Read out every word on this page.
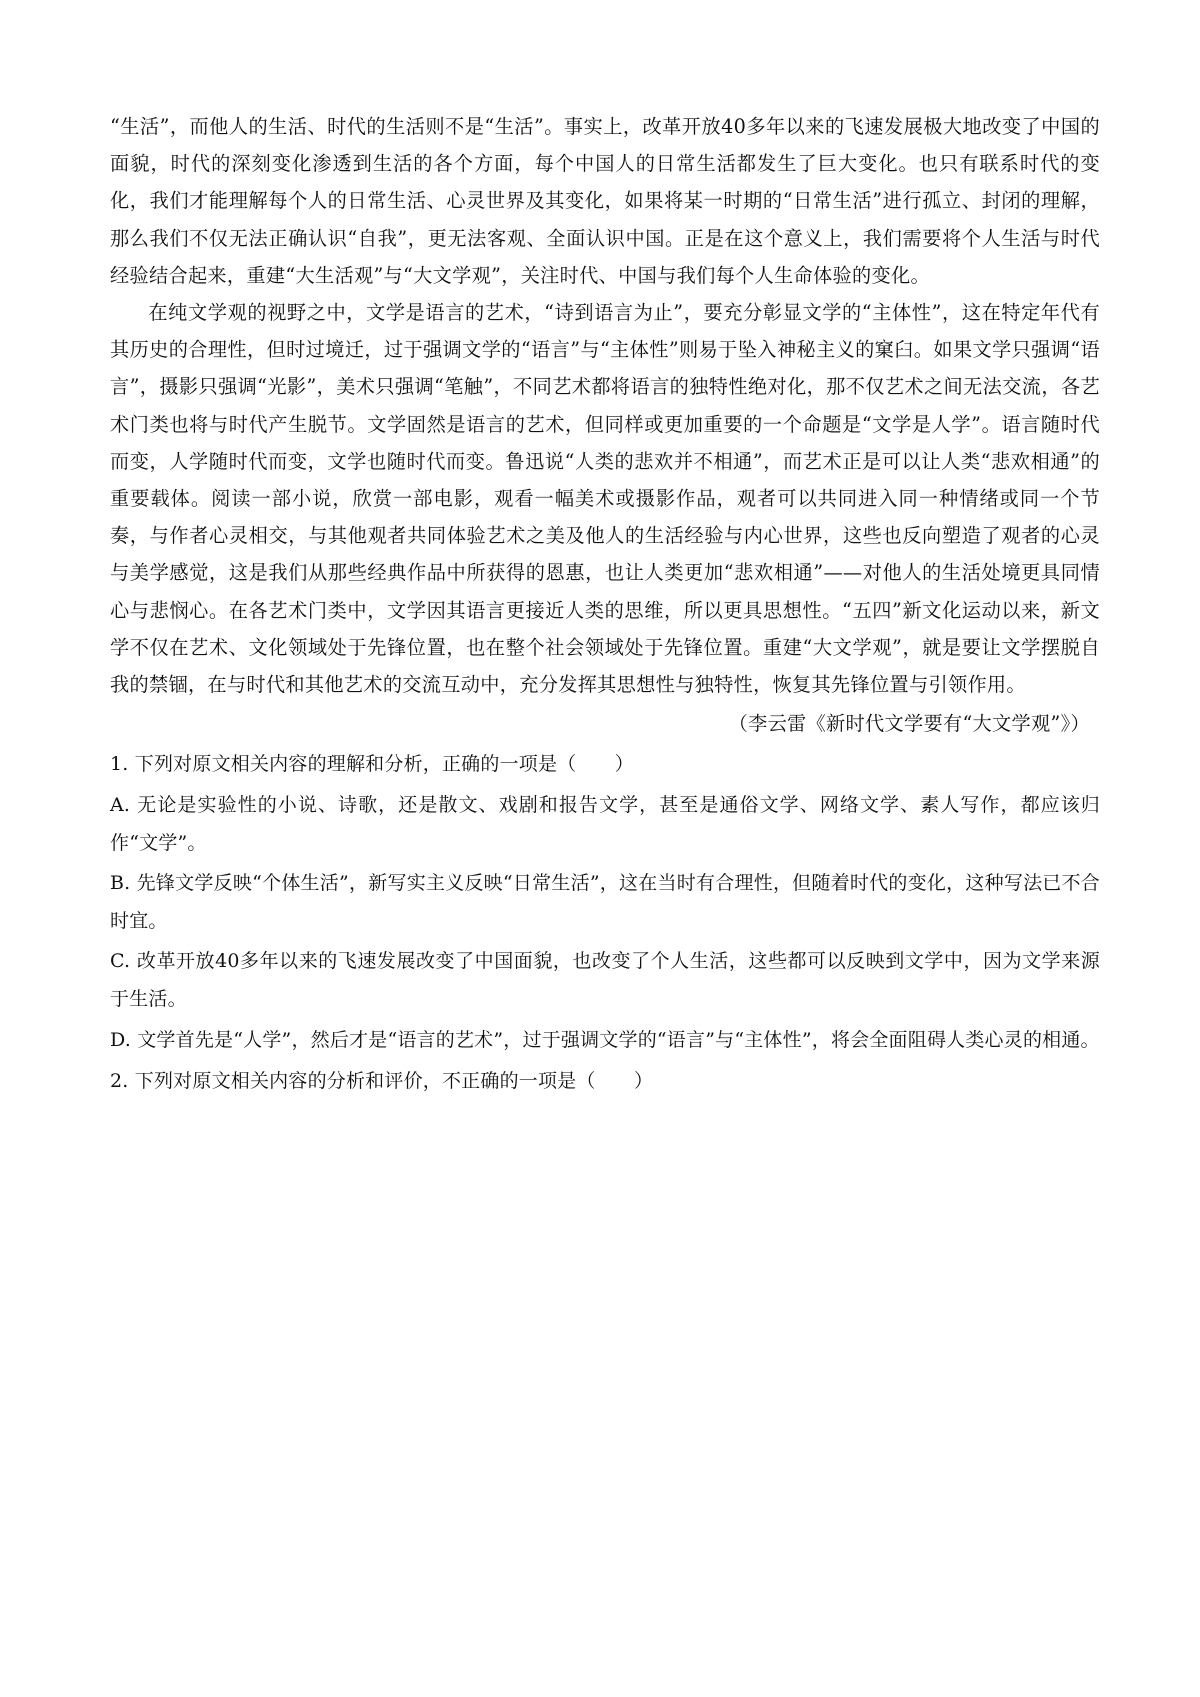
“生活”，而他人的生活、时代的生活则不是“生活”。事实上，改革开放40多年以来的飞速发展极大地改变了中国的面貌，时代的深刻变化渗透到生活的各个方面，每个中国人的日常生活都发生了巨大变化。也只有联系时代的变化，我们才能理解每个人的日常生活、心灵世界及其变化，如果将某一时期的“日常生活”进行孤立、封闭的理解，那么我们不仅无法正确认识“自我”，更无法客观、全面认识中国。正是在这个意义上，我们需要将个人生活与时代经验结合起来，重建“大生活观”与“大文学观”，关注时代、中国与我们每个人生命体验的变化。

在纯文学观的视野之中，文学是语言的艺术，“诗到语言为止”，要充分彰显文学的“主体性”，这在特定年代有其历史的合理性，但时过境迁，过于强调文学的“语言”与“主体性”则易于坠入神秘主义的窠臼。如果文学只强调“语言”，摄影只强调“光影”，美术只强调“笔触”，不同艺术都将语言的独特性绝对化，那不仅艺术之间无法交流，各艺术门类也将与时代产生脱节。文学固然是语言的艺术，但同样或更加重要的一个命题是“文学是人学”。语言随时代而变，人学随时代而变，文学也随时代而变。鲁迅说“人类的悲欢并不相通”，而艺术正是可以让人类“悲欢相通”的重要载体。阅读一部小说，欣赏一部电影，观看一幅美术或摄影作品，观者可以共同进入同一种情绪或同一个节奏，与作者心灵相交，与其他观者共同体验艺术之美及他人的生活经验与内心世界，这些也反向塑造了观者的心灵与美学感觉，这是我们从那些经典作品中所获得的恩惠，也让人类更加“悲欢相通”——对他人的生活处境更具同情心与悲悯心。在各艺术门类中，文学因其语言更接近人类的思维，所以更具思想性。“五四”新文化运动以来，新文学不仅在艺术、文化领域处于先锋位置，也在整个社会领域处于先锋位置。重建“大文学观”，就是要让文学摆脱自我的禁锢，在与时代和其他艺术的交流互动中，充分发挥其思想性与独特性，恢复其先锋位置与引领作用。

（李云雷《新时代文学要有“大文学观”》）

1. 下列对原文相关内容的理解和分析，正确的一项是（　　）

A. 无论是实验性的小说、诗歌，还是散文、戏剧和报告文学，甚至是通俗文学、网络文学、素人写作，都应该归作“文学”。

B. 先锋文学反映“个体生活”，新写实主义反映“日常生活”，这在当时有合理性，但随着时代的变化，这种写法已不合时宜。

C. 改革开放40多年以来的飞速发展改变了中国面貌，也改变了个人生活，这些都可以反映到文学中，因为文学来源于生活。

D. 文学首先是“人学”，然后才是“语言的艺术”，过于强调文学的“语言”与“主体性”，将会全面阻碍人类心灵的相通。

2. 下列对原文相关内容的分析和评价，不正确的一项是（　　）
